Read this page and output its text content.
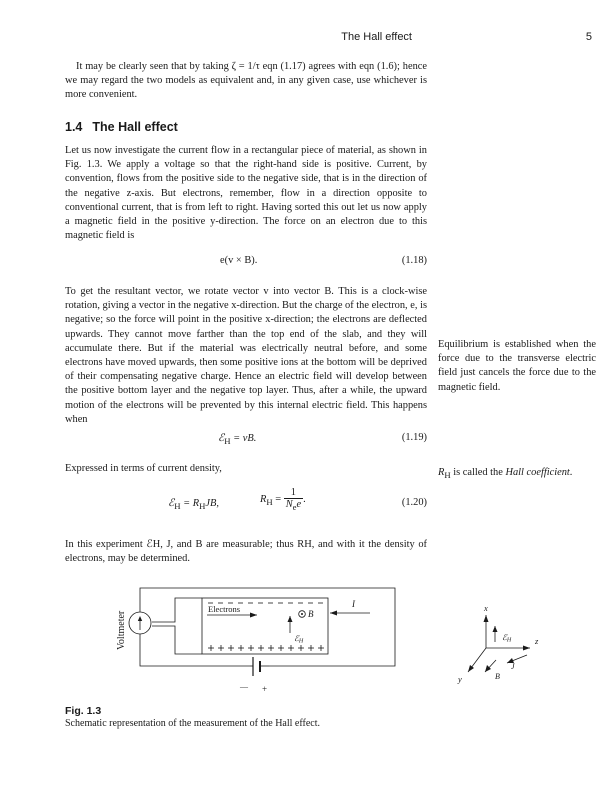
The Hall effect	5

It may be clearly seen that by taking ζ = 1/τ eqn (1.17) agrees with eqn (1.6); hence we may regard the two models as equivalent and, in any given case, use whichever is more convenient.

1.4 The Hall effect

Let us now investigate the current flow in a rectangular piece of material, as shown in Fig. 1.3. We apply a voltage so that the right-hand side is positive. Current, by convention, flows from the positive side to the negative side, that is in the direction of the negative z-axis. But electrons, remember, flow in a direction opposite to conventional current, that is from left to right. Having sorted this out let us now apply a magnetic field in the positive y-direction. The force on an electron due to this magnetic field is

e(v × B).	(1.18)

To get the resultant vector, we rotate vector v into vector B. This is a clock-wise rotation, giving a vector in the negative x-direction. But the charge of the electron, e, is negative; so the force will point in the positive x-direction; the electrons are deflected upwards. They cannot move farther than the top end of the slab, and they will accumulate there. But if the material was electrically neutral before, and some electrons have moved upwards, then some positive ions at the bottom will be deprived of their compensating negative charge. Hence an electric field will develop between the positive bottom layer and the negative top layer. Thus, after a while, the upward motion of the electrons will be prevented by this internal electric field. This happens when

ℰ$_H$ = vB.	(1.19)

Expressed in terms of current density,

ℰ$_H$ = $R_HJB$,	$R_H = \frac{1}{N_ee}$ .	(1.20)

In this experiment ℰH, J, and B are measurable; thus RH, and with it the density of electrons, may be determined.

Equilibrium is established when the force due to the transverse electric field just cancels the force due to the magnetic field.
$R_H$ is called the Hall coefficient.
Voltmeter
Electrons	B
ℰH
I
— +
x
z
y
J
B
ℰH
Fig. 1.3
Schematic representation of the measurement of the Hall effect.
